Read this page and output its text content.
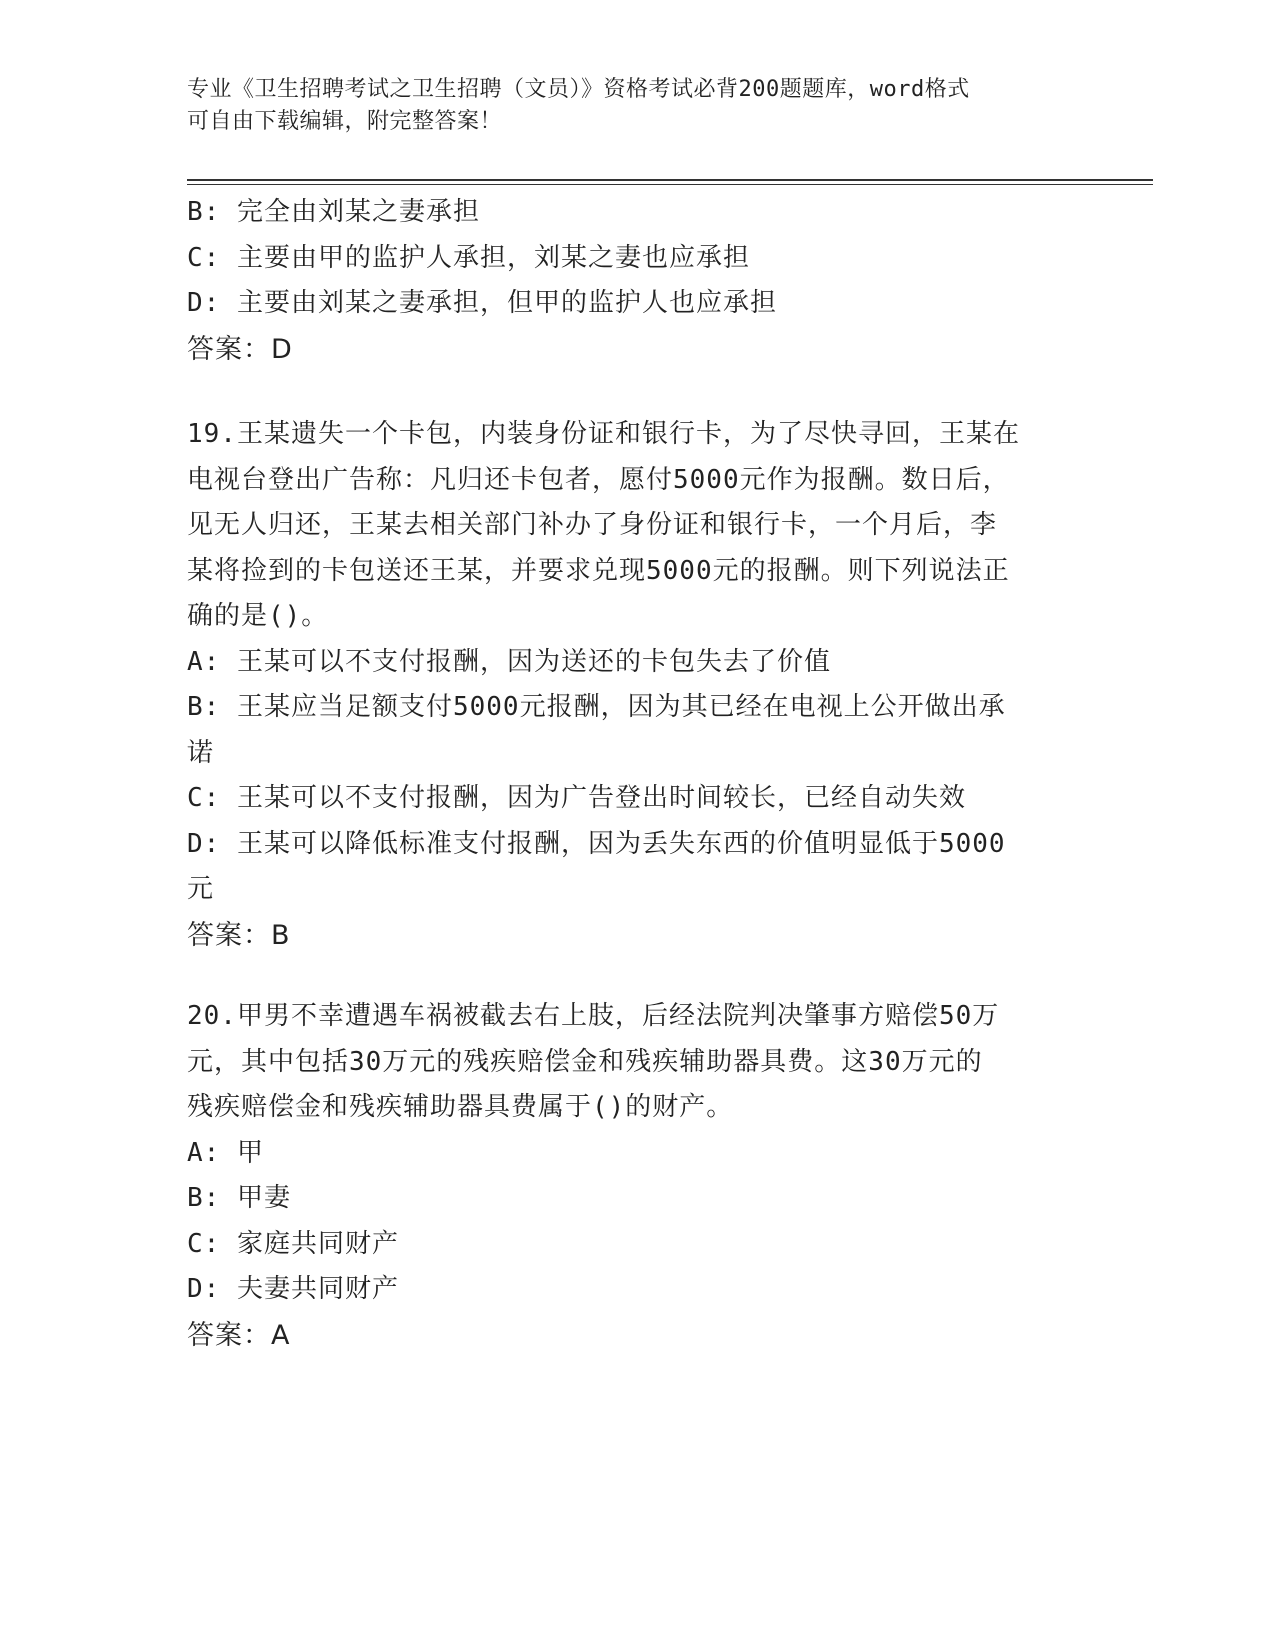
专业《卫生招聘考试之卫生招聘（文员）》资格考试必背200题题库，word格式
可自由下载编辑，附完整答案！

B: 完全由刘某之妻承担

C: 主要由甲的监护人承担，刘某之妻也应承担

D: 主要由刘某之妻承担，但甲的监护人也应承担

答案：D

19.王某遗失一个卡包，内装身份证和银行卡，为了尽快寻回，王某在

电视台登出广告称：凡归还卡包者，愿付5000元作为报酬。数日后，

见无人归还，王某去相关部门补办了身份证和银行卡，一个月后，李

某将捡到的卡包送还王某，并要求兑现5000元的报酬。则下列说法正

确的是()。

A: 王某可以不支付报酬，因为送还的卡包失去了价值

B: 王某应当足额支付5000元报酬，因为其已经在电视上公开做出承

诺

C: 王某可以不支付报酬，因为广告登出时间较长，已经自动失效

D: 王某可以降低标准支付报酬，因为丢失东西的价值明显低于5000

元

答案：B

20.甲男不幸遭遇车祸被截去右上肢，后经法院判决肇事方赔偿50万

元，其中包括30万元的残疾赔偿金和残疾辅助器具费。这30万元的

残疾赔偿金和残疾辅助器具费属于()的财产。

A: 甲

B: 甲妻

C: 家庭共同财产

D: 夫妻共同财产

答案：A
